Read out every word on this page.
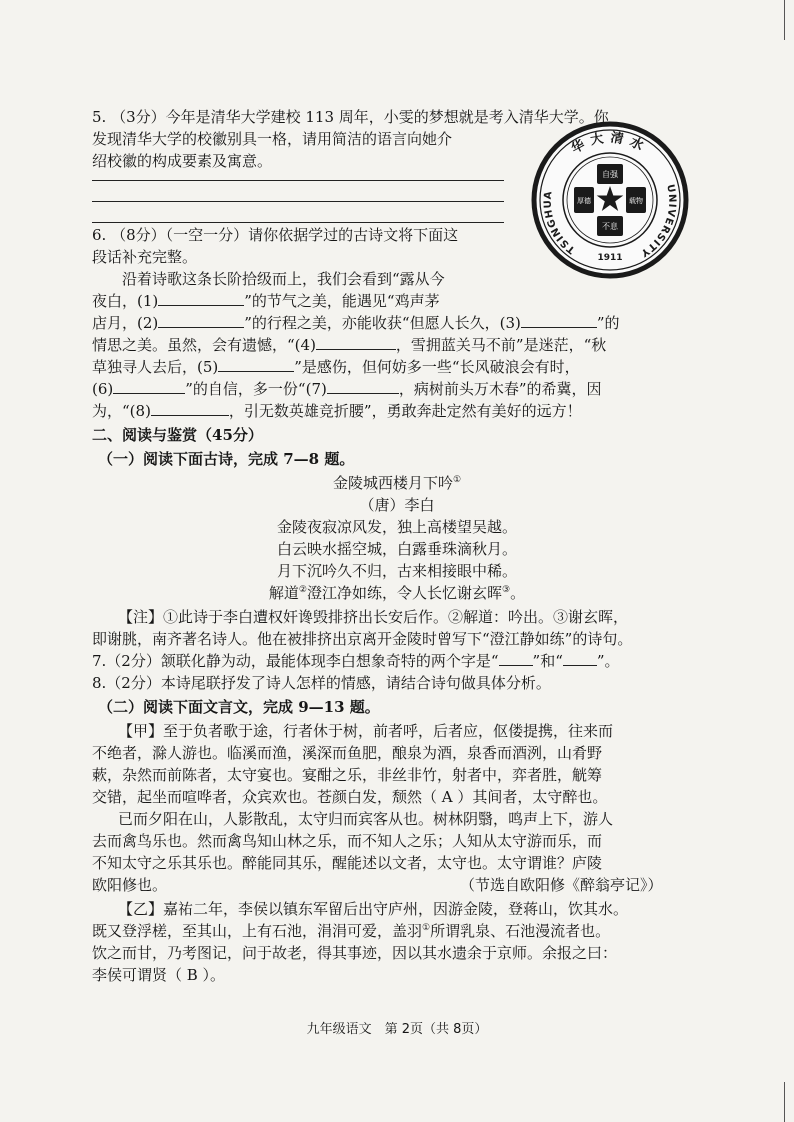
5. （3分）今年是清华大学建校 113 周年，小雯的梦想就是考入清华大学。你

发现清华大学的校徽别具一格，请用简洁的语言向她介

绍校徽的构成要素及寓意。

华大清水
TSINGHUA
UNIVERSITY
1911
自强
不息
厚德	载物

6. （8分）（一空一分）请你依据学过的古诗文将下面这

段话补充完整。

沿着诗歌这条长阶拾级而上，我们会看到“露从今

夜白，(1)	”的节气之美，能遇见“鸡声茅

店月，(2)	”的行程之美，亦能收获“但愿人长久，(3)	”的

情思之美。虽然，会有遗憾，“(4)	，雪拥蓝关马不前”是迷茫，“秋

草独寻人去后，(5)	”是感伤，但何妨多一些“长风破浪会有时，

(6)	”的自信，多一份“(7)	，病树前头万木春”的希冀，因

为，“(8)	，引无数英雄竞折腰”，勇敢奔赴定然有美好的远方！

二、阅读与鉴赏（45分）

（一）阅读下面古诗，完成 7—8 题。

金陵城西楼月下吟①
（唐）李白
金陵夜寂凉风发，独上高楼望吴越。
白云映水摇空城，白露垂珠滴秋月。
月下沉吟久不归，古来相接眼中稀。
解道②澄江净如练，令人长忆谢玄晖③。

【注】①此诗于李白遭权奸谗毁排挤出长安后作。②解道：吟出。③谢玄晖，

即谢朓，南齐著名诗人。他在被排挤出京离开金陵时曾写下“澄江静如练”的诗句。

7.（2分）颔联化静为动，最能体现李白想象奇特的两个字是“ ”和“ ”。

8.（2分）本诗尾联抒发了诗人怎样的情感，请结合诗句做具体分析。

（二）阅读下面文言文，完成 9—13 题。

【甲】至于负者歌于途，行者休于树，前者呼，后者应，伛偻提携，往来而

不绝者，滁人游也。临溪而渔，溪深而鱼肥，酿泉为酒，泉香而酒洌，山肴野

蔌，杂然而前陈者，太守宴也。宴酣之乐，非丝非竹，射者中，弈者胜，觥筹

交错，起坐而喧哗者，众宾欢也。苍颜白发，颓然（ A ）其间者，太守醉也。

已而夕阳在山，人影散乱，太守归而宾客从也。树林阴翳，鸣声上下，游人

去而禽鸟乐也。然而禽鸟知山林之乐，而不知人之乐；人知从太守游而乐，而

不知太守之乐其乐也。醉能同其乐，醒能述以文者，太守也。太守谓谁？庐陵

欧阳修也。	（节选自欧阳修《醉翁亭记》）

【乙】嘉祐二年，李侯以镇东军留后出守庐州，因游金陵，登蒋山，饮其水。

既又登浮槎，至其山，上有石池，涓涓可爱，盖羽①所谓乳泉、石池漫流者也。

饮之而甘，乃考图记，问于故老，得其事迹，因以其水遗余于京师。余报之曰：

李侯可谓贤（ B ）。

九年级语文　第 2页（共 8页）
